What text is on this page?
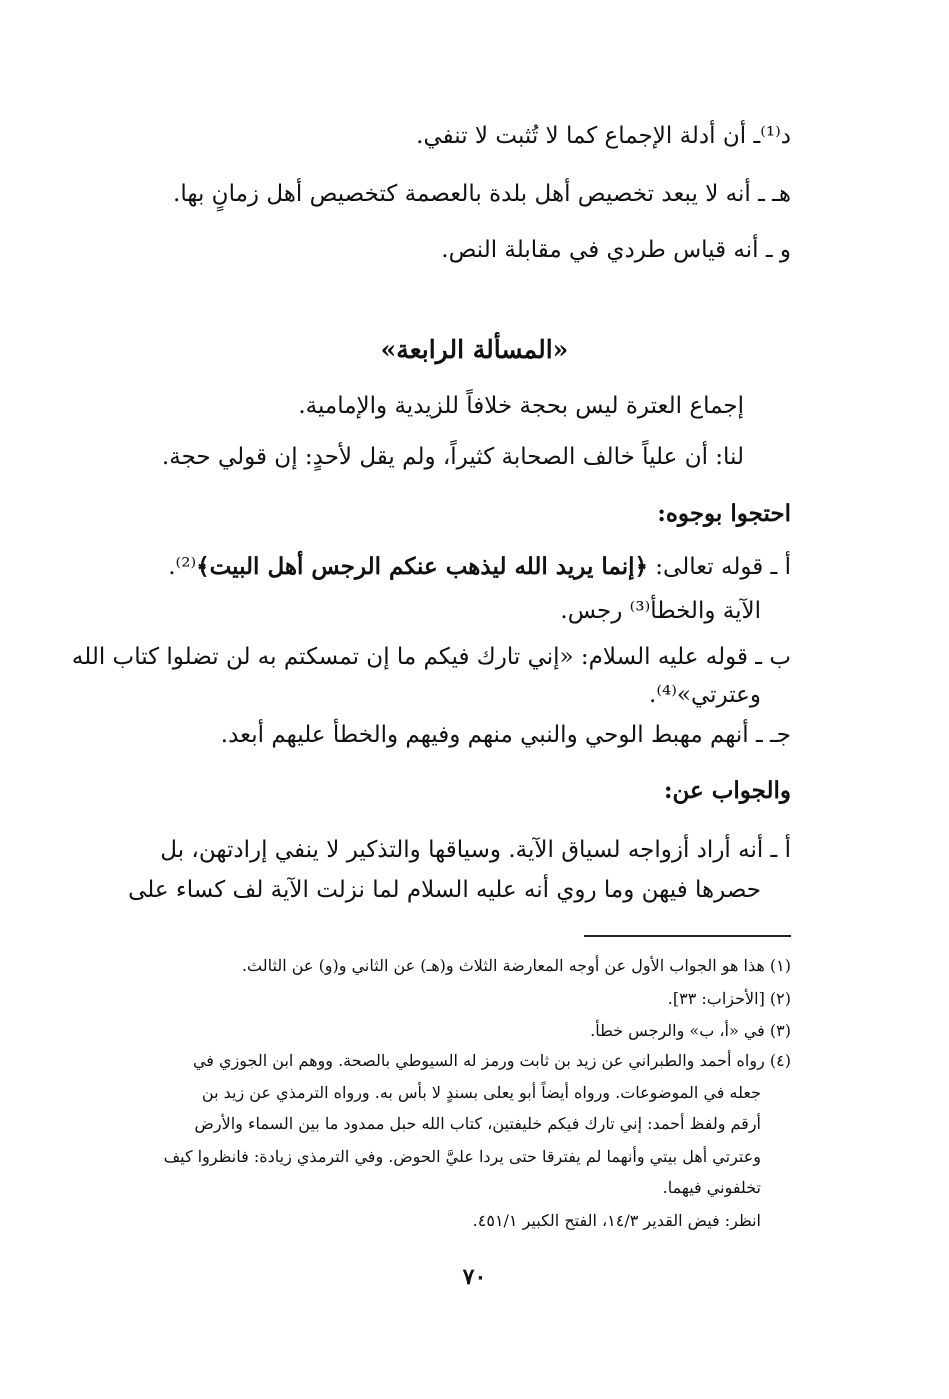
د⁽¹⁾ـ أن أدلة الإجماع كما لا تُثبت لا تنفي.
هـ ـ أنه لا يبعد تخصيص أهل بلدة بالعصمة كتخصيص أهل زمانٍ بها.
و ـ أنه قياس طردي في مقابلة النص.
«المسألة الرابعة»
إجماع العترة ليس بحجة خلافاً للزيدية والإمامية.
لنا: أن علياً خالف الصحابة كثيراً، ولم يقل لأحدٍ: إن قولي حجة.
احتجوا بوجوه:
أ ـ قوله تعالى: ﴿إنما يريد الله ليذهب عنكم الرجس أهل البيت﴾⁽²⁾.
الآية والخطأ⁽³⁾ رجس.
ب ـ قوله عليه السلام: «إني تارك فيكم ما إن تمسكتم به لن تضلوا كتاب الله
وعترتي»⁽⁴⁾.
جـ ـ أنهم مهبط الوحي والنبي منهم وفيهم والخطأ عليهم أبعد.
والجواب عن:
أ ـ أنه أراد أزواجه لسياق الآية. وسياقها والتذكير لا ينفي إرادتهن، بل
حصرها فيهن وما روي أنه عليه السلام لما نزلت الآية لف كساء على
(١) هذا هو الجواب الأول عن أوجه المعارضة الثلاث و(هـ) عن الثاني و(و) عن الثالث.
(٢) [الأحزاب: ٣٣].
(٣) في «أ، ب» والرجس خطأ.
(٤) رواه أحمد والطبراني عن زيد بن ثابت ورمز له السيوطي بالصحة. ووهم ابن الجوزي في
جعله في الموضوعات. ورواه أيضاً أبو يعلى بسندٍ لا بأس به. ورواه الترمذي عن زيد بن
أرقم ولفظ أحمد: إني تارك فيكم خليفتين، كتاب الله حبل ممدود ما بين السماء والأرض
وعترتي أهل بيتي وأنهما لم يفترقا حتى يردا عليَّ الحوض. وفي الترمذي زيادة: فانظروا كيف
تخلفوني فيهما.
انظر: فيض القدير ١٤/٣، الفتح الكبير ٤٥١/١.
٧٠
